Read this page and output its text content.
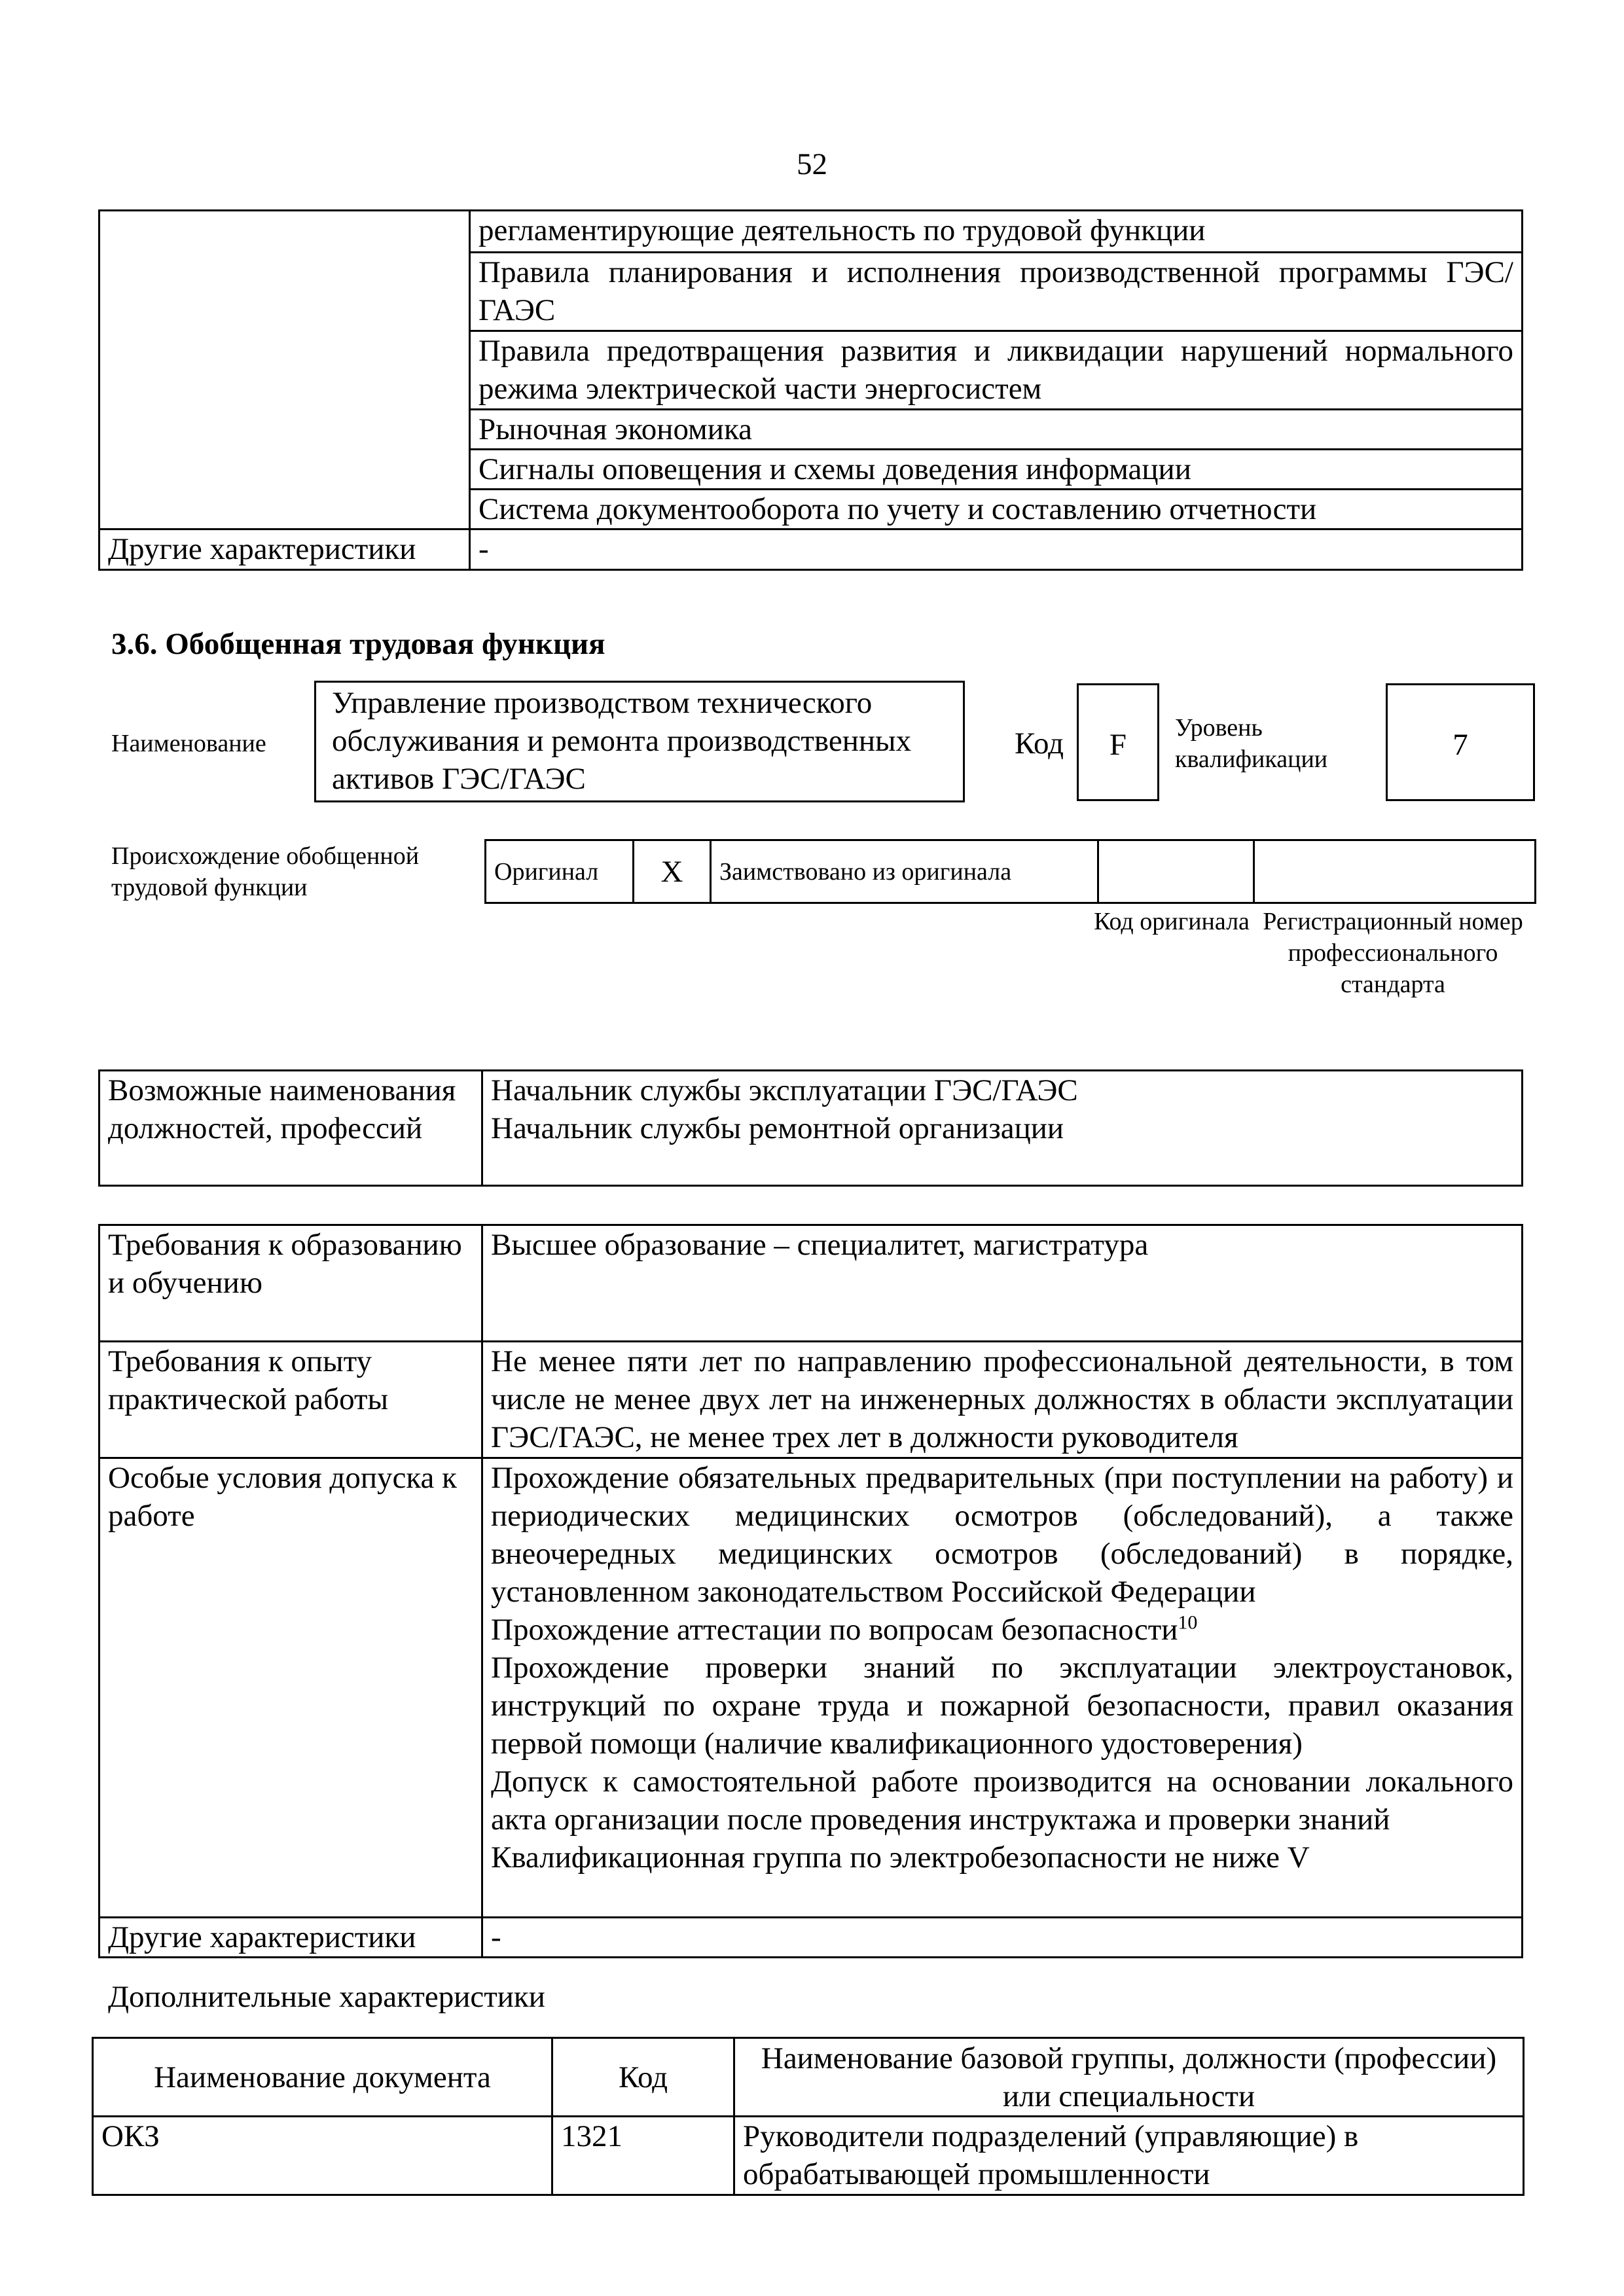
52
	регламентирующие деятельность по трудовой функции
	Правила планирования и исполнения производственной программы ГЭС/ГАЭС
	Правила предотвращения развития и ликвидации нарушений нормального режима электрической части энергосистем
	Рыночная экономика
	Сигналы оповещения и схемы доведения информации
	Система документооборота по учету и составлению отчетности
Другие характеристики	-
3.6. Обобщенная трудовая функция
Наименование
Управление производством технического обслуживания и ремонта производственных активов ГЭС/ГАЭС
Код	F	Уровень квалификации	7
Происхождение обобщенной трудовой функции
Оригинал	X	Заимствовано из оригинала		
Код оригинала Регистрационный номер профессионального стандарта
Возможные наименования должностей, профессий	Начальник службы эксплуатации ГЭС/ГАЭС
Начальник службы ремонтной организации
Требования к образованию и обучению	Высшее образование – специалитет, магистратура
Требования к опыту практической работы	Не менее пяти лет по направлению профессиональной деятельности, в том числе не менее двух лет на инженерных должностях в области эксплуатации ГЭС/ГАЭС, не менее трех лет в должности руководителя
Особые условия допуска к работе	Прохождение обязательных предварительных (при поступлении на работу) и периодических медицинских осмотров (обследований), а также внеочередных медицинских осмотров (обследований) в порядке, установленном законодательством Российской Федерации
Прохождение аттестации по вопросам безопасности$^{10}$
Прохождение проверки знаний по эксплуатации электроустановок, инструкций по охране труда и пожарной безопасности, правил оказания первой помощи (наличие квалификационного удостоверения)
Допуск к самостоятельной работе производится на основании локального акта организации после проведения инструктажа и проверки знаний
Квалификационная группа по электробезопасности не ниже V

Другие характеристики	-
Дополнительные характеристики
Наименование документа	Код	Наименование базовой группы, должности (профессии) или специальности
ОКЗ	1321	Руководители подразделений (управляющие) в обрабатывающей промышленности
